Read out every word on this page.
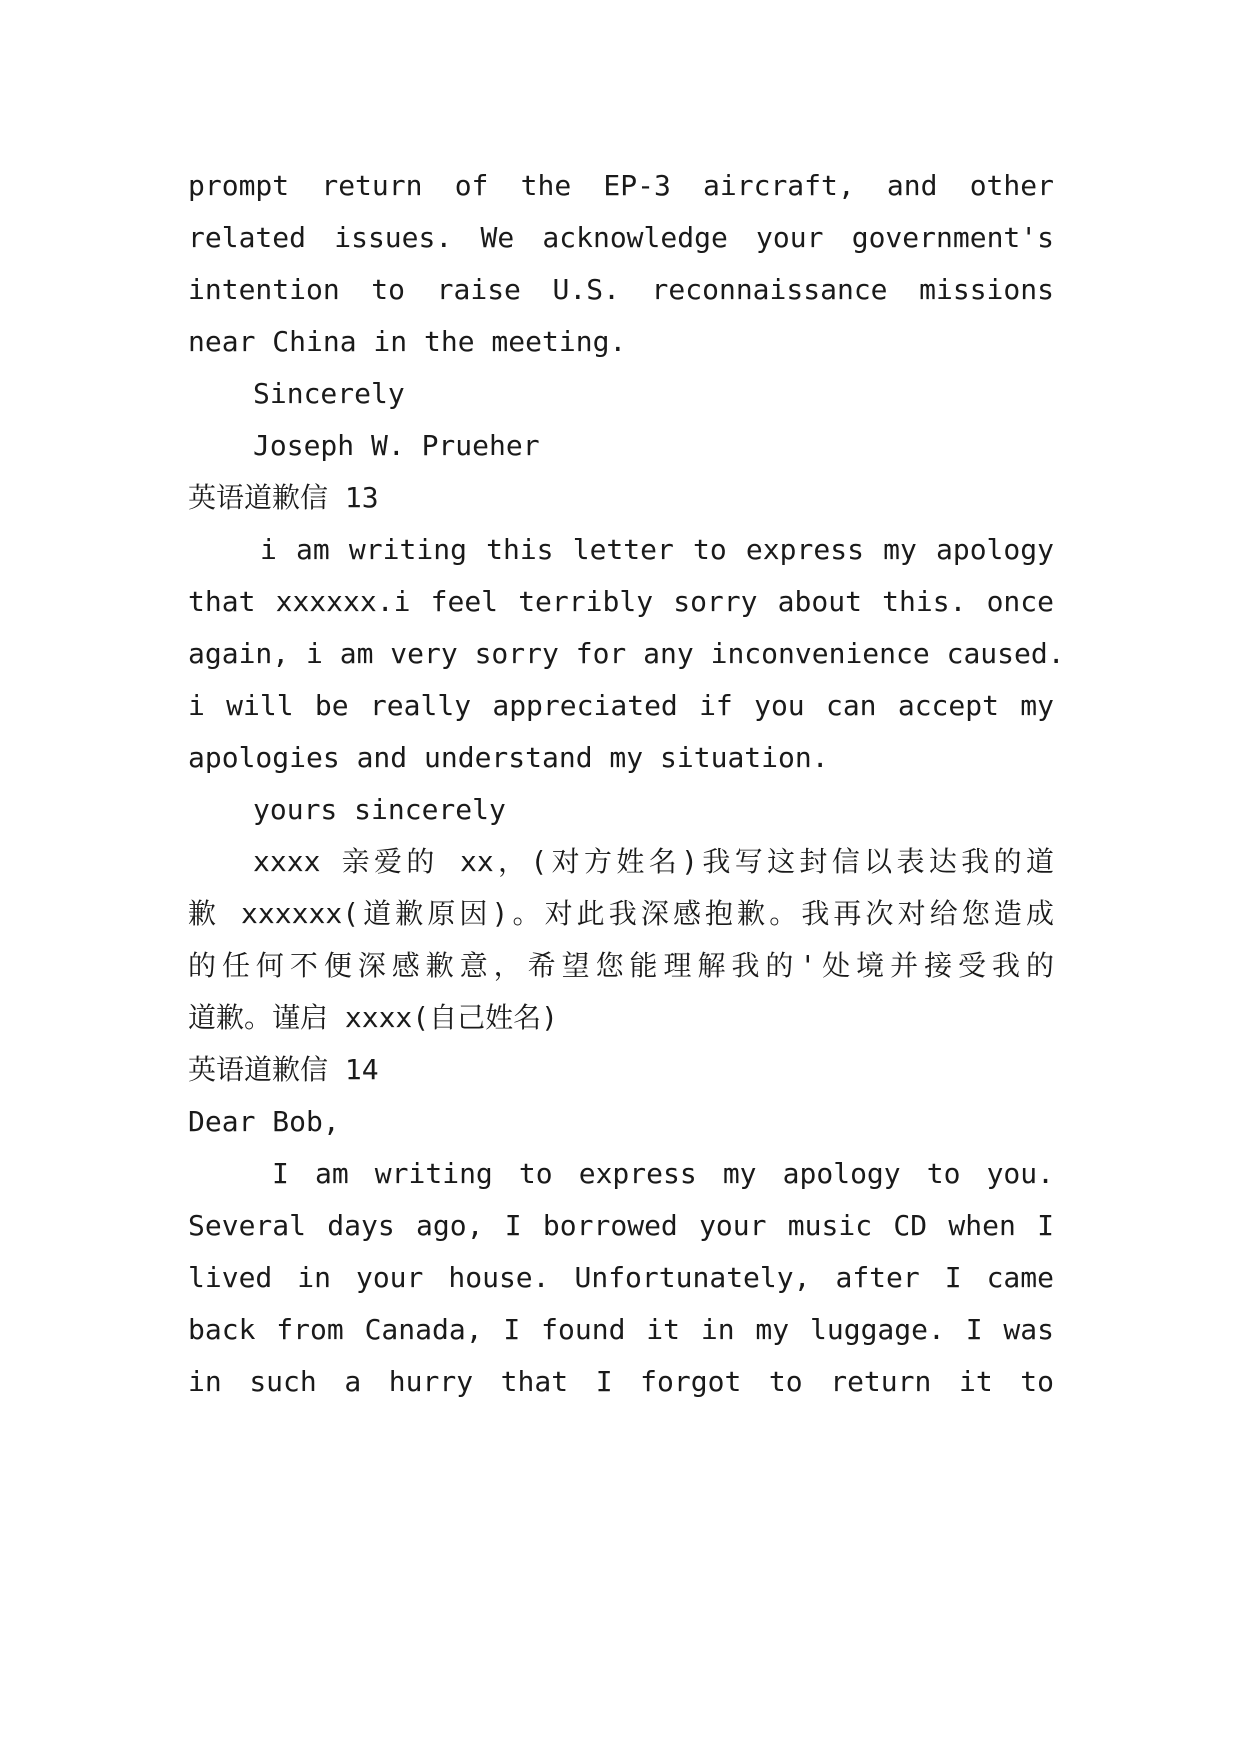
prompt return of the EP-3 aircraft, and other

related issues. We acknowledge your government's

intention to raise U.S. reconnaissance missions

near China in the meeting.

Sincerely

Joseph W. Prueher

英语道歉信 13

i am writing this letter to express my apology

that xxxxxx.i feel terribly sorry about this. once

again, i am very sorry for any inconvenience caused.

i will be really appreciated if you can accept my

apologies and understand my situation.

yours sincerely

xxxx 亲爱的 xx，(对方姓名)我写这封信以表达我的道

歉 xxxxxx(道歉原因)。对此我深感抱歉。我再次对给您造成

的任何不便深感歉意，希望您能理解我的'处境并接受我的

道歉。谨启 xxxx(自己姓名)

英语道歉信 14

Dear Bob,

I am writing to express my apology to you.

Several days ago, I borrowed your music CD when I

lived in your house. Unfortunately, after I came

back from Canada, I found it in my luggage. I was

in such a hurry that I forgot to return it to
